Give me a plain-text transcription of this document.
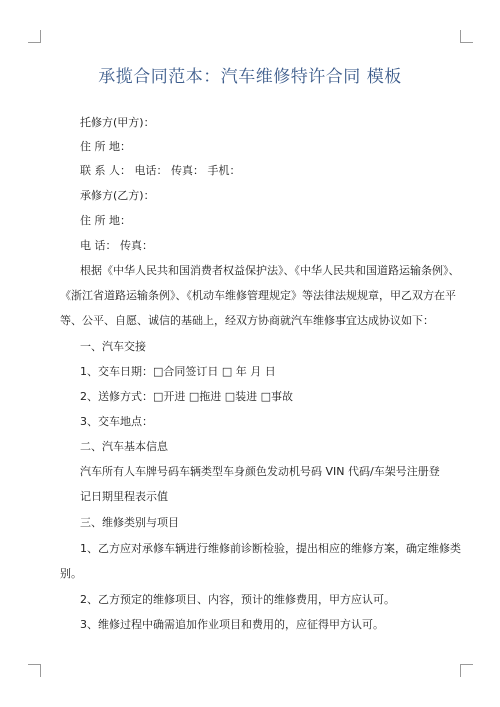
承揽合同范本：汽车维修特许合同 模板
托修方(甲方)：
住 所 地：
联 系 人： 电话： 传真： 手机：
承修方(乙方)：
住 所 地：
电 话： 传真：
根据《中华人民共和国消费者权益保护法》、《中华人民共和国道路运输条例》、
《浙江省道路运输条例》、《机动车维修管理规定》等法律法规规章，甲乙双方在平
等、公平、自愿、诚信的基础上，经双方协商就汽车维修事宜达成协议如下：
一、汽车交接
1、交车日期：□合同签订日 □ 年 月 日
2、送修方式：□开进 □拖进 □装进 □事故
3、交车地点：
二、汽车基本信息
汽车所有人车牌号码车辆类型车身颜色发动机号码 VIN 代码/车架号注册登
记日期里程表示值
三、维修类别与项目
1、乙方应对承修车辆进行维修前诊断检验，提出相应的维修方案，确定维修类
别。
2、乙方预定的维修项目、内容，预计的维修费用，甲方应认可。
3、维修过程中确需追加作业项目和费用的，应征得甲方认可。
